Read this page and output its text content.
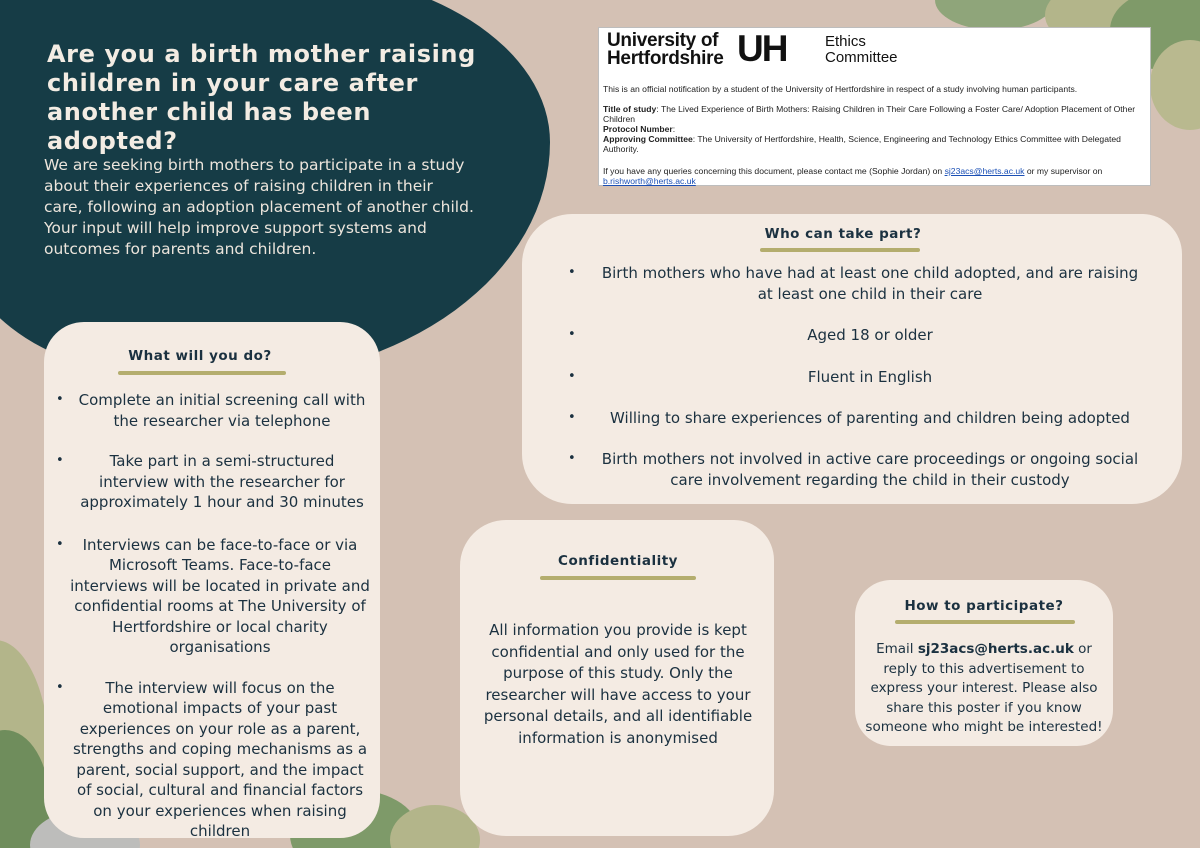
Are you a birth mother raising children in your care after another child has been adopted?

We are seeking birth mothers to participate in a study about their experiences of raising children in their care, following an adoption placement of another child. Your input will help improve support systems and outcomes for parents and children.

University of
Hertfordshire UH	Ethics
Committee
This is an official notification by a student of the University of Hertfordshire in respect of a study involving human participants.
Title of study: The Lived Experience of Birth Mothers: Raising Children in Their Care Following a Foster Care/ Adoption Placement of Other Children
Protocol Number:
Approving Committee: The University of Hertfordshire, Health, Science, Engineering and Technology Ethics Committee with Delegated Authority.
If you have any queries concerning this document, please contact me (Sophie Jordan) on sj23acs@herts.ac.uk or my supervisor on
b.rishworth@herts.ac.uk
What will you do?
• Complete an initial screening call with the researcher via telephone
•	Take part in a semi-structured interview with the researcher for approximately 1 hour and 30 minutes
• Interviews can be face-to-face or via Microsoft Teams. Face-to-face interviews will be located in private and confidential rooms at The University of Hertfordshire or local charity organisations
•	The interview will focus on the emotional impacts of your past experiences on your role as a parent, strengths and coping mechanisms as a parent, social support, and the impact of social, cultural and financial factors on your experiences when raising children
Who can take part?
• Birth mothers who have had at least one child adopted, and are raising at least one child in their care
•	Aged 18 or older
•	Fluent in English
• Willing to share experiences of parenting and children being adopted
• Birth mothers not involved in active care proceedings or ongoing social care involvement regarding the child in their custody
Confidentiality

All information you provide is kept confidential and only used for the purpose of this study. Only the researcher will have access to your personal details, and all identifiable information is anonymised

How to participate?

Email sj23acs@herts.ac.uk or reply to this advertisement to express your interest. Please also share this poster if you know someone who might be interested!
